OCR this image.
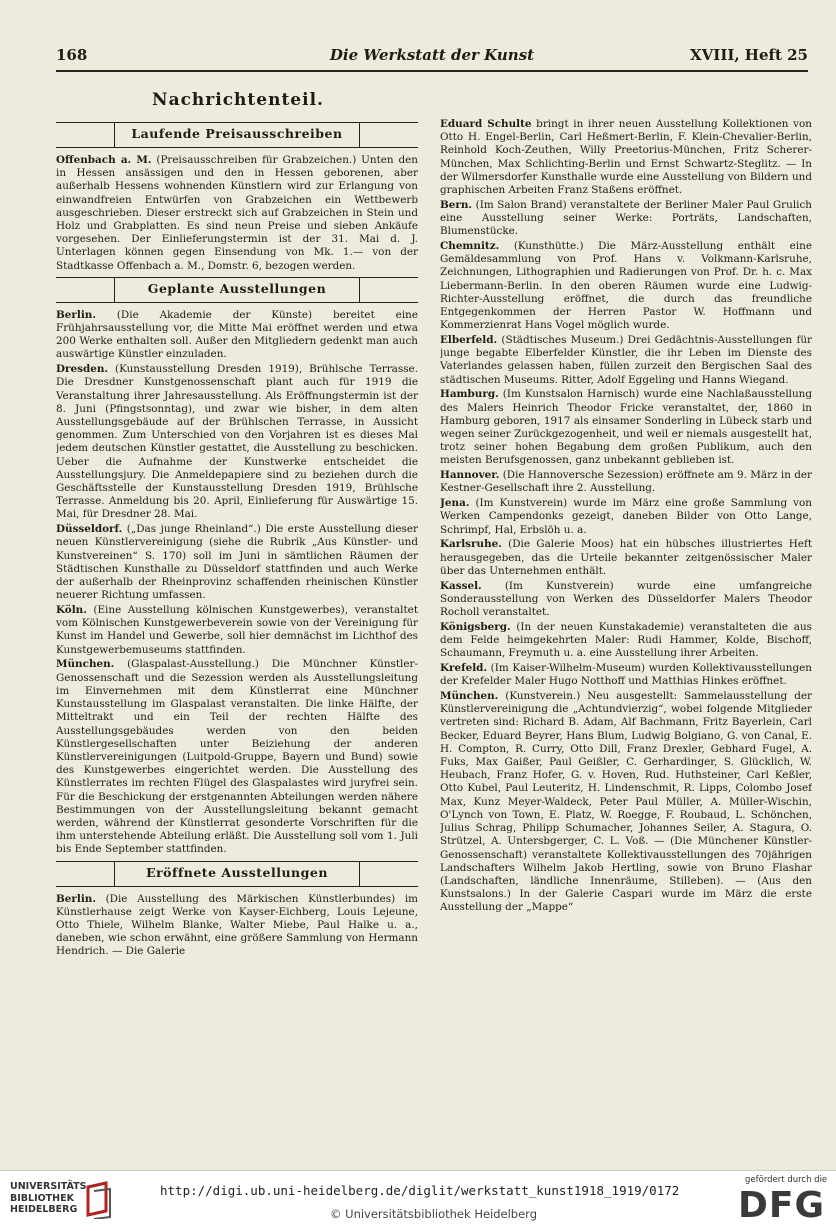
168	Die Werkstatt der Kunst	XVIII, Heft 25
Nachrichtenteil.
Laufende Preisausschreiben

Offenbach a. M. (Preisausschreiben für Grabzeichen.) Unten den in Hessen ansässigen und den in Hessen geborenen, aber außerhalb Hessens wohnenden Künstlern wird zur Erlangung von einwandfreien Entwürfen von Grabzeichen ein Wettbewerb ausgeschrieben. Dieser erstreckt sich auf Grabzeichen in Stein und Holz und Grabplatten. Es sind neun Preise und sieben Ankäufe vorgesehen. Der Einlieferungstermin ist der 31. Mai d. J. Unterlagen können gegen Einsendung von Mk. 1.— von der Stadtkasse Offenbach a. M., Domstr. 6, bezogen werden.

Geplante Ausstellungen

Berlin. (Die Akademie der Künste) bereitet eine Frühjahrsausstellung vor, die Mitte Mai eröffnet werden und etwa 200 Werke enthalten soll. Außer den Mitgliedern gedenkt man auch auswärtige Künstler einzuladen.

Dresden. (Kunstausstellung Dresden 1919), Brühlsche Terrasse. Die Dresdner Kunstgenossenschaft plant auch für 1919 die Veranstaltung ihrer Jahresausstellung. Als Eröffnungstermin ist der 8. Juni (Pfingstsonntag), und zwar wie bisher, in dem alten Ausstellungsgebäude auf der Brühlschen Terrasse, in Aussicht genommen. Zum Unterschied von den Vorjahren ist es dieses Mal jedem deutschen Künstler gestattet, die Ausstellung zu beschicken. Ueber die Aufnahme der Kunstwerke entscheidet die Ausstellungsjury. Die Anmeldepapiere sind zu beziehen durch die Geschäftsstelle der Kunstausstellung Dresden 1919, Brühlsche Terrasse. Anmeldung bis 20. April, Einlieferung für Auswärtige 15. Mai, für Dresdner 28. Mai.

Düsseldorf. („Das junge Rheinland“.) Die erste Ausstellung dieser neuen Künstlervereinigung (siehe die Rubrik „Aus Künstler- und Kunstvereinen“ S. 170) soll im Juni in sämtlichen Räumen der Städtischen Kunsthalle zu Düsseldorf stattfinden und auch Werke der außerhalb der Rheinprovinz schaffenden rheinischen Künstler neuerer Richtung umfassen.

Köln. (Eine Ausstellung kölnischen Kunstgewerbes), veranstaltet vom Kölnischen Kunstgewerbeverein sowie von der Vereinigung für Kunst im Handel und Gewerbe, soll hier demnächst im Lichthof des Kunstgewerbemuseums stattfinden.

München. (Glaspalast-Ausstellung.) Die Münchner Künstler-Genossenschaft und die Sezession werden als Ausstellungsleitung im Einvernehmen mit dem Künstlerrat eine Münchner Kunstausstellung im Glaspalast veranstalten. Die linke Hälfte, der Mitteltrakt und ein Teil der rechten Hälfte des Ausstellungsgebäudes werden von den beiden Künstlergesellschaften unter Beiziehung der anderen Künstlervereinigungen (Luitpold-Gruppe, Bayern und Bund) sowie des Kunstgewerbes eingerichtet werden. Die Ausstellung des Künstlerrates im rechten Flügel des Glaspalastes wird juryfrei sein. Für die Beschickung der erstgenannten Abteilungen werden nähere Bestimmungen von der Ausstellungsleitung bekannt gemacht werden, während der Künstlerrat gesonderte Vorschriften für die ihm unterstehende Abteilung erläßt. Die Ausstellung soll vom 1. Juli bis Ende September stattfinden.

Eröffnete Ausstellungen

Berlin. (Die Ausstellung des Märkischen Künstlerbundes) im Künstlerhause zeigt Werke von Kayser-Eichberg, Louis Lejeune, Otto Thiele, Wilhelm Blanke, Walter Miebe, Paul Halke u. a., daneben, wie schon erwähnt, eine größere Sammlung von Hermann Hendrich. — Die Galerie

Eduard Schulte bringt in ihrer neuen Ausstellung Kollektionen von Otto H. Engel-Berlin, Carl Heßmert-Berlin, F. Klein-Chevalier-Berlin, Reinhold Koch-Zeuthen, Willy Preetorius-München, Fritz Scherer-München, Max Schlichting-Berlin und Ernst Schwartz-Steglitz. — In der Wilmersdorfer Kunsthalle wurde eine Ausstellung von Bildern und graphischen Arbeiten Franz Staßens eröffnet.

Bern. (Im Salon Brand) veranstaltete der Berliner Maler Paul Grulich eine Ausstellung seiner Werke: Porträts, Landschaften, Blumenstücke.

Chemnitz. (Kunsthütte.) Die März-Ausstellung enthält eine Gemäldesammlung von Prof. Hans v. Volkmann-Karlsruhe, Zeichnungen, Lithographien und Radierungen von Prof. Dr. h. c. Max Liebermann-Berlin. In den oberen Räumen wurde eine Ludwig-Richter-Ausstellung eröffnet, die durch das freundliche Entgegenkommen der Herren Pastor W. Hoffmann und Kommerzienrat Hans Vogel möglich wurde.

Elberfeld. (Städtisches Museum.) Drei Gedächtnis-Ausstellungen für junge begabte Elberfelder Künstler, die ihr Leben im Dienste des Vaterlandes gelassen haben, füllen zurzeit den Bergischen Saal des städtischen Museums. Ritter, Adolf Eggeling und Hanns Wiegand.

Hamburg. (Im Kunstsalon Harnisch) wurde eine Nachlaßausstellung des Malers Heinrich Theodor Fricke veranstaltet, der, 1860 in Hamburg geboren, 1917 als einsamer Sonderling in Lübeck starb und wegen seiner Zurückgezogenheit, und weil er niemals ausgestellt hat, trotz seiner hohen Begabung dem großen Publikum, auch den meisten Berufsgenossen, ganz unbekannt geblieben ist.

Hannover. (Die Hannoversche Sezession) eröffnete am 9. März in der Kestner-Gesellschaft ihre 2. Ausstellung.

Jena. (Im Kunstverein) wurde im März eine große Sammlung von Werken Campendonks gezeigt, daneben Bilder von Otto Lange, Schrimpf, Hal, Erbslöh u. a.

Karlsruhe. (Die Galerie Moos) hat ein hübsches illustriertes Heft herausgegeben, das die Urteile bekannter zeitgenössischer Maler über das Unternehmen enthält.

Kassel. (Im Kunstverein) wurde eine umfangreiche Sonderausstellung von Werken des Düsseldorfer Malers Theodor Rocholl veranstaltet.

Königsberg. (In der neuen Kunstakademie) veranstalteten die aus dem Felde heimgekehrten Maler: Rudi Hammer, Kolde, Bischoff, Schaumann, Freymuth u. a. eine Ausstellung ihrer Arbeiten.

Krefeld. (Im Kaiser-Wilhelm-Museum) wurden Kollektivausstellungen der Krefelder Maler Hugo Notthoff und Matthias Hinkes eröffnet.

München. (Kunstverein.) Neu ausgestellt: Sammelausstellung der Künstlervereinigung die „Achtundvierzig“, wobei folgende Mitglieder vertreten sind: Richard B. Adam, Alf Bachmann, Fritz Bayerlein, Carl Becker, Eduard Beyrer, Hans Blum, Ludwig Bolgiano, G. von Canal, E. H. Compton, R. Curry, Otto Dill, Franz Drexler, Gebhard Fugel, A. Fuks, Max Gaißer, Paul Geißler, C. Gerhardinger, S. Glücklich, W. Heubach, Franz Hofer, G. v. Hoven, Rud. Huthsteiner, Carl Keßler, Otto Kubel, Paul Leuteritz, H. Lindenschmit, R. Lipps, Colombo Josef Max, Kunz Meyer-Waldeck, Peter Paul Müller, A. Müller-Wischin, O'Lynch von Town, E. Platz, W. Roegge, F. Roubaud, L. Schönchen, Julius Schrag, Philipp Schumacher, Johannes Seiler, A. Stagura, O. Strützel, A. Untersbgerger, C. L. Voß. — (Die Münchener Künstler-Genossenschaft) veranstaltete Kollektivausstellungen des 70jährigen Landschafters Wilhelm Jakob Hertling, sowie von Bruno Flashar (Landschaften, ländliche Innenräume, Stilleben). — (Aus den Kunstsalons.) In der Galerie Caspari wurde im März die erste Ausstellung der „Mappe“

UNIVERSITÄTS-
BIBLIOTHEK
HEIDELBERG
http://digi.ub.uni-heidelberg.de/diglit/werkstatt_kunst1918_1919/0172
© Universitätsbibliothek Heidelberg
gefördert durch die
DFG
